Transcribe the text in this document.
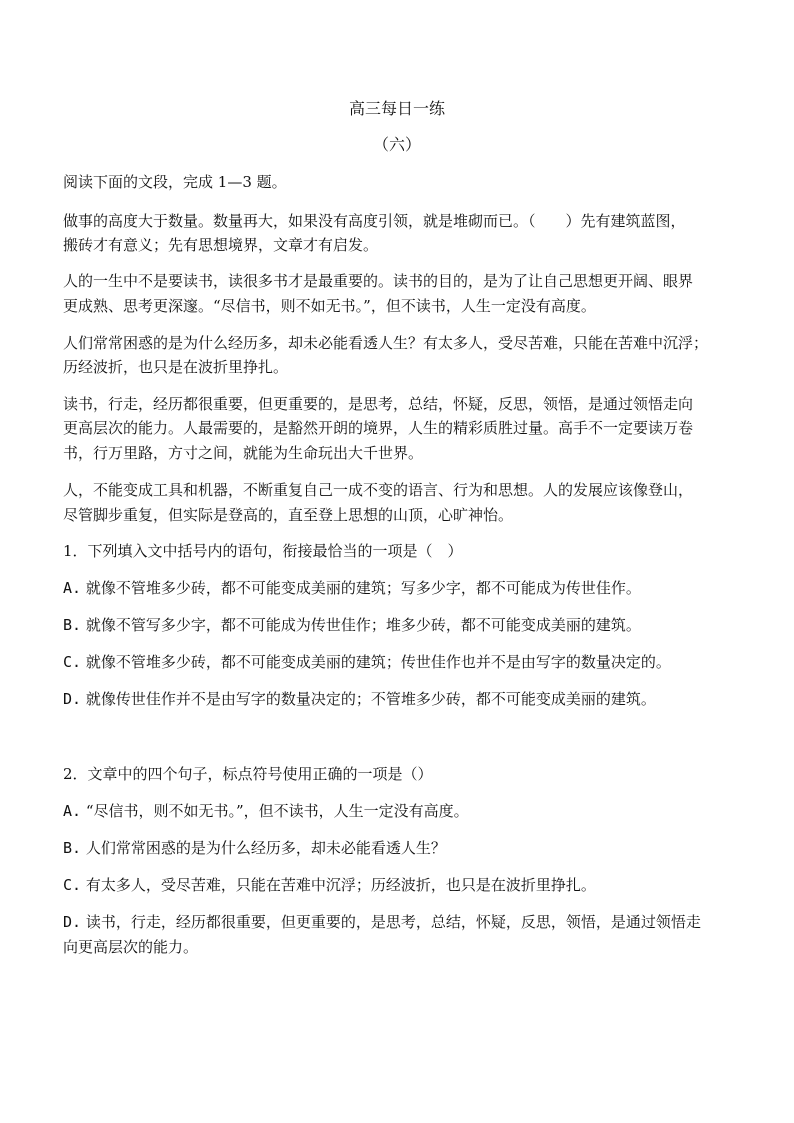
高三每日一练
（六）
阅读下面的文段，完成 1—3 题。
做事的高度大于数量。数量再大，如果没有高度引领，就是堆砌而已。（　　）先有建筑蓝图，
搬砖才有意义；先有思想境界，文章才有启发。
人的一生中不是要读书，读很多书才是最重要的。读书的目的，是为了让自己思想更开阔、眼界
更成熟、思考更深邃。“尽信书，则不如无书。”，但不读书，人生一定没有高度。
人们常常困惑的是为什么经历多，却未必能看透人生？有太多人，受尽苦难，只能在苦难中沉浮；
历经波折，也只是在波折里挣扎。
读书，行走，经历都很重要，但更重要的，是思考，总结，怀疑，反思，领悟，是通过领悟走向
更高层次的能力。人最需要的，是豁然开朗的境界，人生的精彩质胜过量。高手不一定要读万卷
书，行万里路，方寸之间，就能为生命玩出大千世界。
人，不能变成工具和机器，不断重复自己一成不变的语言、行为和思想。人的发展应该像登山，
尽管脚步重复，但实际是登高的，直至登上思想的山顶，心旷神怡。
1．下列填入文中括号内的语句，衔接最恰当的一项是（　）
A. 就像不管堆多少砖，都不可能变成美丽的建筑；写多少字，都不可能成为传世佳作。
B. 就像不管写多少字，都不可能成为传世佳作；堆多少砖，都不可能变成美丽的建筑。
C. 就像不管堆多少砖，都不可能变成美丽的建筑；传世佳作也并不是由写字的数量决定的。
D. 就像传世佳作并不是由写字的数量决定的；不管堆多少砖，都不可能变成美丽的建筑。
2．文章中的四个句子，标点符号使用正确的一项是（）
A. “尽信书，则不如无书。”，但不读书，人生一定没有高度。
B. 人们常常困惑的是为什么经历多，却未必能看透人生？
C. 有太多人，受尽苦难，只能在苦难中沉浮；历经波折，也只是在波折里挣扎。
D. 读书，行走，经历都很重要，但更重要的，是思考，总结，怀疑，反思，领悟，是通过领悟走
向更高层次的能力。
